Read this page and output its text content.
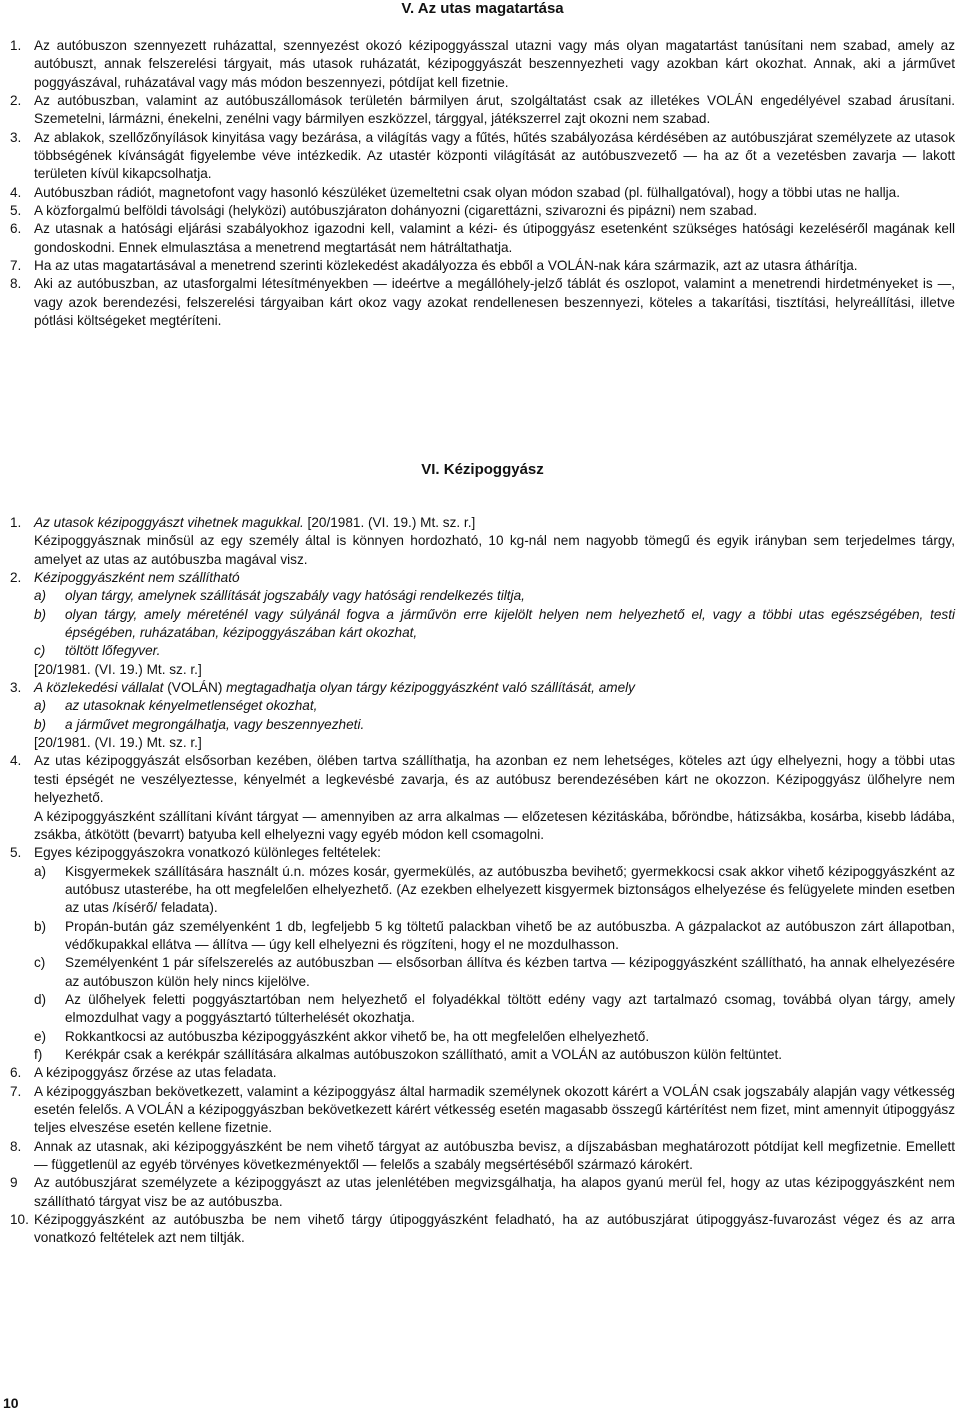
V. Az utas magatartása
1. Az autóbuszon szennyezett ruházattal, szennyezést okozó kézipoggyásszal utazni vagy más olyan magatartást tanúsítani nem szabad, amely az autóbuszt, annak felszerelési tárgyait, más utasok ruházatát, kézipoggyászát beszennyezheti vagy azokban kárt okozhat. Annak, aki a járművet poggyászával, ruházatával vagy más módon beszennyezi, pótdíjat kell fizetnie.

2. Az autóbuszban, valamint az autóbuszállomások területén bármilyen árut, szolgáltatást csak az illetékes VOLÁN engedélyével szabad árusítani. Szemetelni, lármázni, énekelni, zenélni vagy bármilyen eszközzel, tárggyal, játékszerrel zajt okozni nem szabad.

3. Az ablakok, szellőzőnyílások kinyitása vagy bezárása, a világítás vagy a fűtés, hűtés szabályozása kérdésében az autóbuszjárat személyzete az utasok többségének kívánságát figyelembe véve intézkedik. Az utastér központi világítását az autóbuszvezető — ha az őt a vezetésben zavarja — lakott területen kívül kikapcsolhatja.

4. Autóbuszban rádiót, magnetofont vagy hasonló készüléket üzemeltetni csak olyan módon szabad (pl. fülhallgatóval), hogy a többi utas ne hallja.

5. A közforgalmú belföldi távolsági (helyközi) autóbuszjáraton dohányozni (cigarettázni, szivarozni és pipázni) nem szabad.

6. Az utasnak a hatósági eljárási szabályokhoz igazodni kell, valamint a kézi- és útipoggyász esetenként szükséges hatósági kezeléséről magának kell gondoskodni. Ennek elmulasztása a menetrend megtartását nem hátráltathatja.

7. Ha az utas magatartásával a menetrend szerinti közlekedést akadályozza és ebből a VOLÁN-nak kára származik, azt az utasra áthárítja.

8. Aki az autóbuszban, az utasforgalmi létesítményekben — ideértve a megállóhely-jelző táblát és oszlopot, valamint a menetrendi hirdetményeket is —, vagy azok berendezési, felszerelési tárgyaiban kárt okoz vagy azokat rendellenesen beszennyezi, köteles a takarítási, tisztítási, helyreállítási, illetve pótlási költségeket megtéríteni.

VI. Kézipoggyász
1. Az utasok kézipoggyászt vihetnek magukkal. [20/1981. (VI. 19.) Mt. sz. r.]

Kézipoggyásznak minősül az egy személy által is könnyen hordozható, 10 kg-nál nem nagyobb tömegű és egyik irányban sem terjedelmes tárgy, amelyet az utas az autóbuszba magával visz.

2. Kézipoggyászként nem szállítható

a) olyan tárgy, amelynek szállítását jogszabály vagy hatósági rendelkezés tiltja,

b) olyan tárgy, amely méreténél vagy súlyánál fogva a járművön erre kijelölt helyen nem helyezhető el, vagy a többi utas egészségében, testi épségében, ruházatában, kézipoggyászában kárt okozhat,

c) töltött lőfegyver.

[20/1981. (VI. 19.) Mt. sz. r.]

3. A közlekedési vállalat (VOLÁN) megtagadhatja olyan tárgy kézipoggyászként való szállítását, amely

a) az utasoknak kényelmetlenséget okozhat,

b) a járművet megrongálhatja, vagy beszennyezheti.

[20/1981. (VI. 19.) Mt. sz. r.]

4. Az utas kézipoggyászát elsősorban kezében, ölében tartva szállíthatja, ha azonban ez nem lehetséges, köteles azt úgy elhelyezni, hogy a többi utas testi épségét ne veszélyeztesse, kényelmét a legkevésbé zavarja, és az autóbusz berendezésében kárt ne okozzon. Kézipoggyász ülőhelyre nem helyezhető.

A kézipoggyászként szállítani kívánt tárgyat — amennyiben az arra alkalmas — előzetesen kézitáskába, bőröndbe, hátizsákba, kosárba, kisebb ládába, zsákba, átkötött (bevarrt) batyuba kell elhelyezni vagy egyéb módon kell csomagolni.

5. Egyes kézipoggyászokra vonatkozó különleges feltételek:

a) Kisgyermekek szállítására használt ú.n. mózes kosár, gyermekülés, az autóbuszba bevihető; gyermekkocsi csak akkor vihető kézipoggyászként az autóbusz utasterébe, ha ott megfelelően elhelyezhető. (Az ezekben elhelyezett kisgyermek biztonságos elhelyezése és felügyelete minden esetben az utas /kísérő/ feladata).

b) Propán-bután gáz személyenként 1 db, legfeljebb 5 kg töltetű palackban vihető be az autóbuszba. A gázpalackot az autóbuszon zárt állapotban, védőkupakkal ellátva — állítva — úgy kell elhelyezni és rögzíteni, hogy el ne mozdulhasson.

c) Személyenként 1 pár sífelszerelés az autóbuszban — elsősorban állítva és kézben tartva — kézipoggyászként szállítható, ha annak elhelyezésére az autóbuszon külön hely nincs kijelölve.

d) Az ülőhelyek feletti poggyásztartóban nem helyezhető el folyadékkal töltött edény vagy azt tartalmazó csomag, továbbá olyan tárgy, amely elmozdulhat vagy a poggyásztartó túlterhelését okozhatja.

e) Rokkantkocsi az autóbuszba kézipoggyászként akkor vihető be, ha ott megfelelően elhelyezhető.

f) Kerékpár csak a kerékpár szállítására alkalmas autóbuszokon szállítható, amit a VOLÁN az autóbuszon külön feltüntet.

6. A kézipoggyász őrzése az utas feladata.

7. A kézipoggyászban bekövetkezett, valamint a kézipoggyász által harmadik személynek okozott kárért a VOLÁN csak jogszabály alapján vagy vétkesség esetén felelős. A VOLÁN a kézipoggyászban bekövetkezett kárért vétkesség esetén magasabb összegű kártérítést nem fizet, mint amennyit útipoggyász teljes elveszése esetén kellene fizetnie.

8. Annak az utasnak, aki kézipoggyászként be nem vihető tárgyat az autóbuszba bevisz, a díjszabásban meghatározott pótdíjat kell megfizetnie. Emellett — függetlenül az egyéb törvényes következményektől — felelős a szabály megsértéséből származó károkért.

9 Az autóbuszjárat személyzete a kézipoggyászt az utas jelenlétében megvizsgálhatja, ha alapos gyanú merül fel, hogy az utas kézipoggyászként nem szállítható tárgyat visz be az autóbuszba.

10. Kézipoggyászként az autóbuszba be nem vihető tárgy útipoggyászként feladható, ha az autóbuszjárat útipoggyász-fuvarozást végez és az arra vonatkozó feltételek azt nem tiltják.

10
